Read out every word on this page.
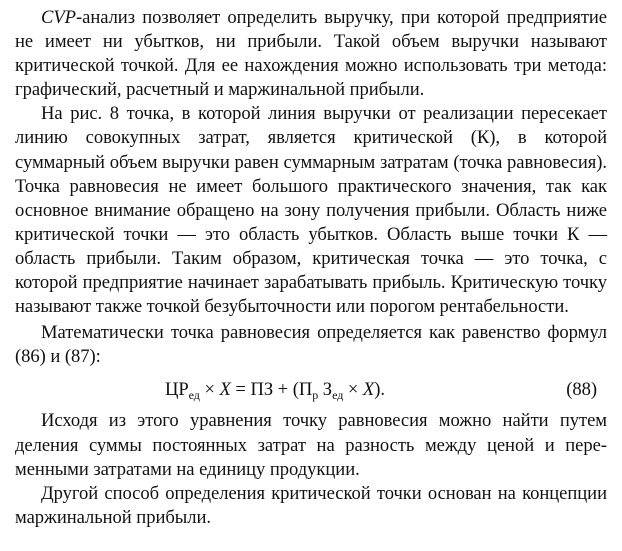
CVP-анализ позволяет определить выручку, при которой предприятие не имеет ни убытков, ни прибыли. Такой объем выручки называют критической точкой. Для ее нахождения можно использовать три метода: графический, расчетный и маржинальной прибыли.

На рис. 8 точка, в которой линия выручки от реализации пересекает линию совокупных затрат, является критической (К), в которой суммарный объем выручки равен суммарным затратам (точка равновесия). Точка равновесия не имеет большого практического значения, так как основное внимание обращено на зону получения прибыли. Область ниже критической точки — это область убытков. Область выше точки К — область прибыли. Таким образом, критическая точка — это точка, с которой предприятие начинает зарабатывать прибыль. Критическую точку называют также точкой безубыточности или порогом рентабельности.

Математически точка равновесия определяется как равенство формул (86) и (87):

$ЦР_{ед} \times X$ = ПЗ + ($П_р$ $З_{ед} \times X$).	(88)

Исходя из этого уравнения точку равновесия можно найти путем деления суммы постоянных затрат на разность между ценой и переменными затратами на единицу продукции.

Другой способ определения критической точки основан на концепции маржинальной прибыли.
